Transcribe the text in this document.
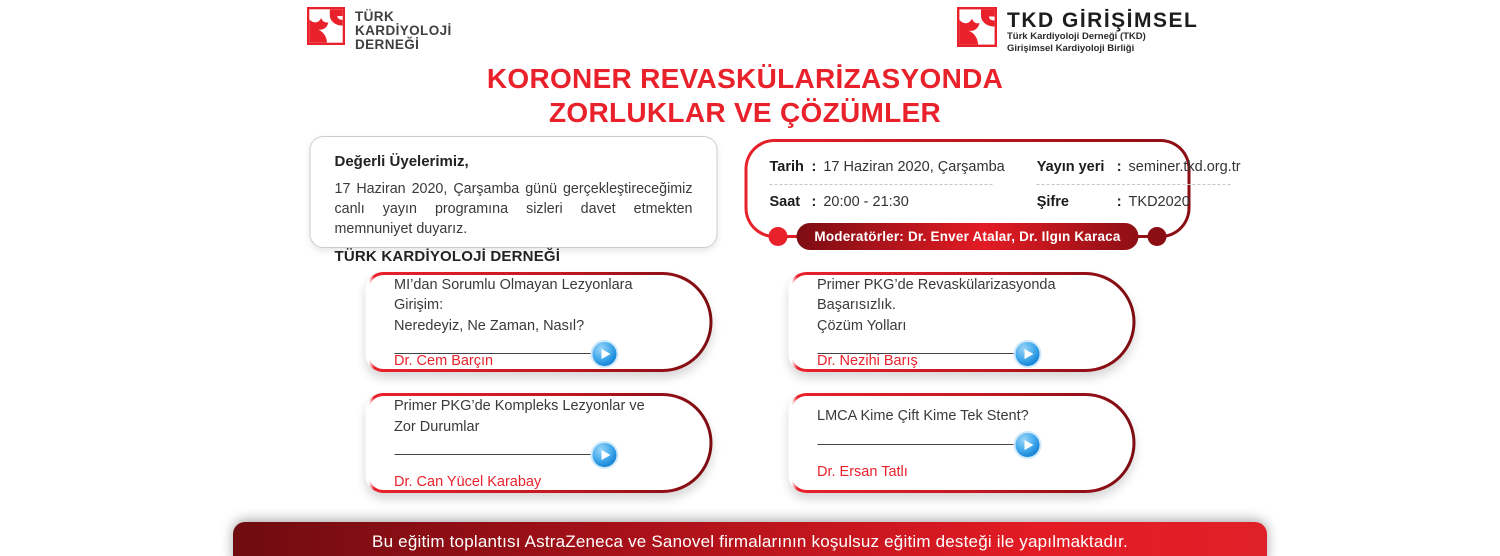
TÜRK
KARDİYOLOJİ
DERNEĞİ
TKD GİRİŞİMSEL
Türk Kardiyoloji Derneği (TKD)
Girişimsel Kardiyoloji Birliği
KORONER REVASKÜLARİZASYONDA
ZORLUKLAR VE ÇÖZÜMLER

Değerli Üyelerimiz,

17 Haziran 2020, Çarşamba günü gerçekleştireceğimiz canlı yayın programına sizleri davet etmekten memnuniyet duyarız.

TÜRK KARDİYOLOJİ DERNEĞİ

Tarih : 17 Haziran 2020, Çarşamba
Saat : 20:00 - 21:30
Yayın yeri : seminer.tkd.org.tr
Şifre	: TKD2020
Moderatörler: Dr. Enver Atalar, Dr. Ilgın Karaca
MI’dan Sorumlu Olmayan Lezyonlara Girişim:
Neredeyiz, Ne Zaman, Nasıl?
Dr. Cem Barçın
Primer PKG’de Revaskülarizasyonda Başarısızlık.
Çözüm Yolları
Dr. Nezihi Barış
Primer PKG’de Kompleks Lezyonlar ve
Zor Durumlar
Dr. Can Yücel Karabay
LMCA Kime Çift Kime Tek Stent?
Dr. Ersan Tatlı
Bu eğitim toplantısı AstraZeneca ve Sanovel firmalarının koşulsuz eğitim desteği ile yapılmaktadır.
